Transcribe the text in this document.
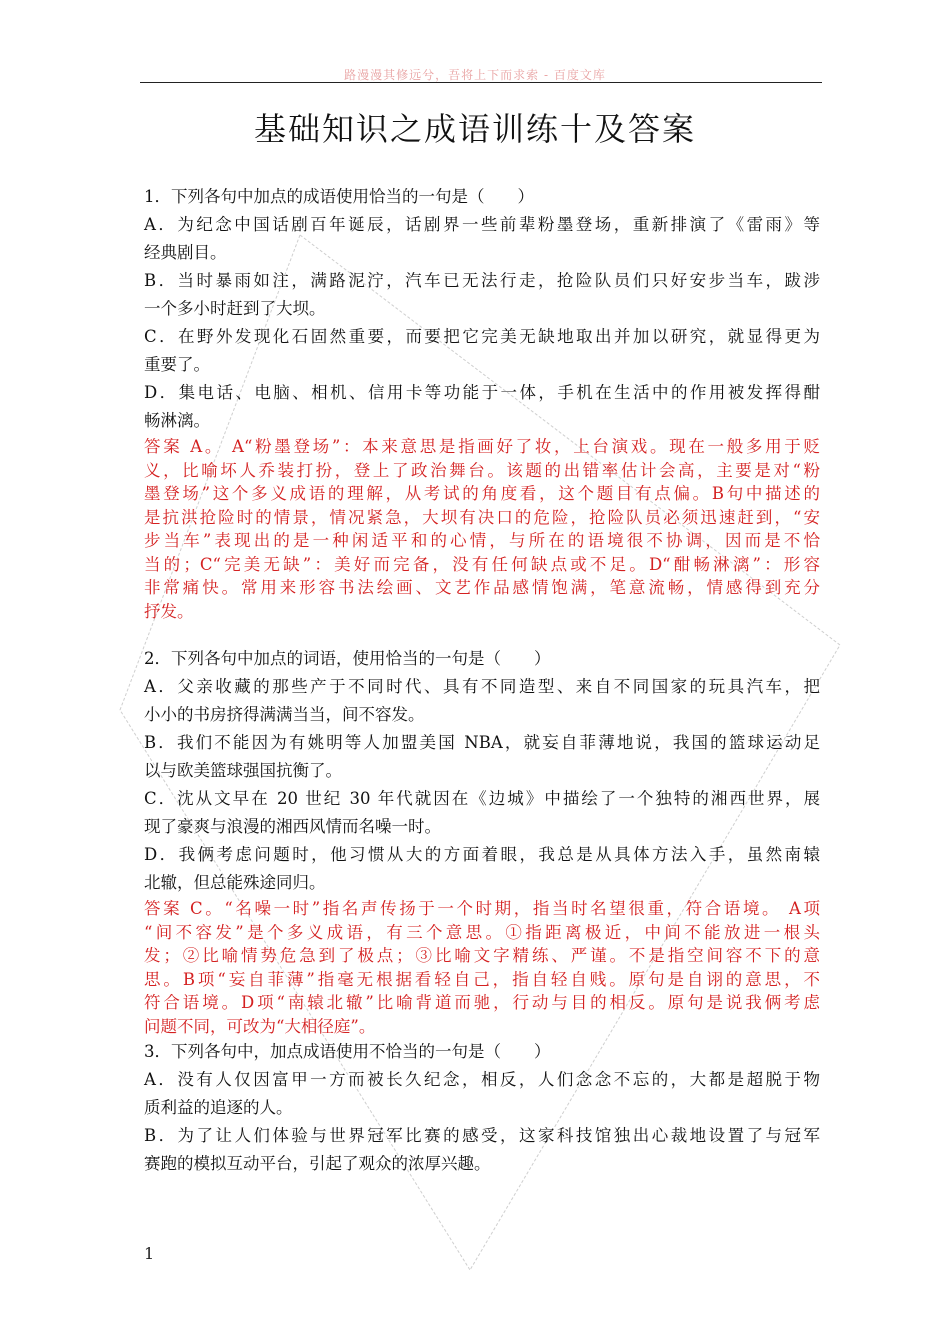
路漫漫其修远兮，吾将上下而求索 - 百度文库
基础知识之成语训练十及答案
1．下列各句中加点的成语使用恰当的一句是（　　）
A．为纪念中国话剧百年诞辰，话剧界一些前辈粉墨登场，重新排演了《雷雨》等
经典剧目。
B．当时暴雨如注，满路泥泞，汽车已无法行走，抢险队员们只好安步当车，跋涉
一个多小时赶到了大坝。
C．在野外发现化石固然重要，而要把它完美无缺地取出并加以研究，就显得更为
重要了。
D．集电话、电脑、相机、信用卡等功能于一体，手机在生活中的作用被发挥得酣
畅淋漓。
答案 A。 A“粉墨登场”：本来意思是指画好了妆，上台演戏。现在一般多用于贬
义，比喻坏人乔装打扮，登上了政治舞台。该题的出错率估计会高，主要是对“粉
墨登场”这个多义成语的理解，从考试的角度看，这个题目有点偏。B句中描述的
是抗洪抢险时的情景，情况紧急，大坝有决口的危险，抢险队员必须迅速赶到，“安
步当车”表现出的是一种闲适平和的心情，与所在的语境很不协调，因而是不恰
当的；C“完美无缺”：美好而完备，没有任何缺点或不足。D“酣畅淋漓”：形容
非常痛快。常用来形容书法绘画、文艺作品感情饱满，笔意流畅，情感得到充分
抒发。
2．下列各句中加点的词语，使用恰当的一句是（　　）
A．父亲收藏的那些产于不同时代、具有不同造型、来自不同国家的玩具汽车，把
小小的书房挤得满满当当，间不容发。
B．我们不能因为有姚明等人加盟美国 NBA，就妄自菲薄地说，我国的篮球运动足
以与欧美篮球强国抗衡了。
C．沈从文早在 20 世纪 30 年代就因在《边城》中描绘了一个独特的湘西世界，展
现了豪爽与浪漫的湘西风情而名噪一时。
D．我俩考虑问题时，他习惯从大的方面着眼，我总是从具体方法入手，虽然南辕
北辙，但总能殊途同归。
答案 C。“名噪一时”指名声传扬于一个时期，指当时名望很重，符合语境。 A项
“间不容发”是个多义成语，有三个意思。①指距离极近，中间不能放进一根头
发；②比喻情势危急到了极点；③比喻文字精练、严谨。不是指空间容不下的意
思。B项“妄自菲薄”指毫无根据看轻自己，指自轻自贱。原句是自诩的意思，不
符合语境。D项“南辕北辙”比喻背道而驰，行动与目的相反。原句是说我俩考虑
问题不同，可改为“大相径庭”。
3．下列各句中，加点成语使用不恰当的一句是（　　）
A．没有人仅因富甲一方而被长久纪念，相反，人们念念不忘的，大都是超脱于物
质利益的追逐的人。
B．为了让人们体验与世界冠军比赛的感受，这家科技馆独出心裁地设置了与冠军
赛跑的模拟互动平台，引起了观众的浓厚兴趣。
1
